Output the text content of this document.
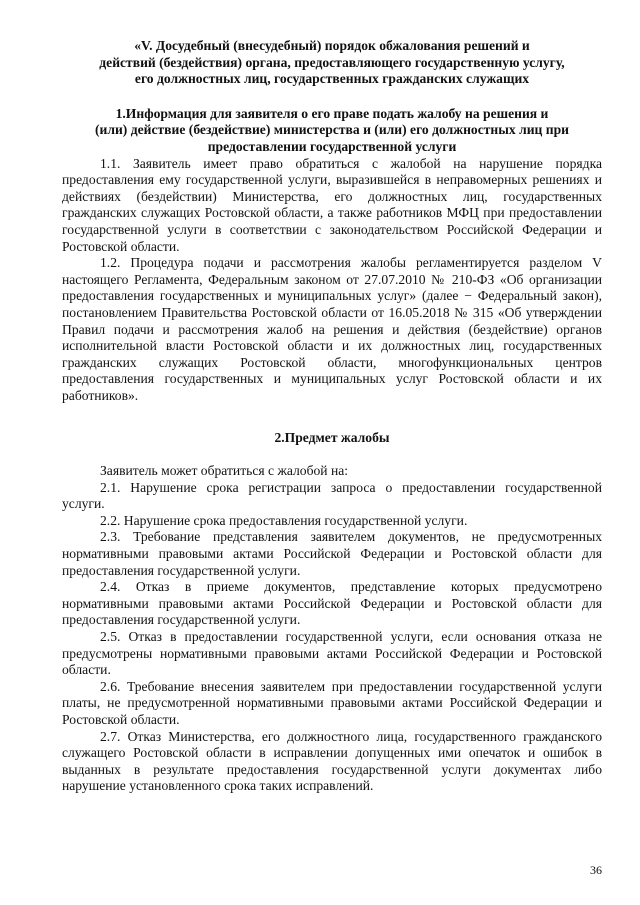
«V. Досудебный (внесудебный) порядок обжалования решений и
действий (бездействия) органа, предоставляющего государственную услугу,
его должностных лиц, государственных гражданских служащих
1.Информация для заявителя о его праве подать жалобу на решения и
(или) действие (бездействие) министерства и (или) его должностных лиц при
предоставлении государственной услуги

1.1. Заявитель имеет право обратиться с жалобой на нарушение порядка предоставления ему государственной услуги, выразившейся в неправомерных решениях и действиях (бездействии) Министерства, его должностных лиц, государственных гражданских служащих Ростовской области, а также работников МФЦ при предоставлении государственной услуги в соответствии с законодательством Российской Федерации и Ростовской области.

1.2. Процедура подачи и рассмотрения жалобы регламентируется разделом V настоящего Регламента, Федеральным законом от 27.07.2010 № 210-ФЗ «Об организации предоставления государственных и муниципальных услуг» (далее − Федеральный закон), постановлением Правительства Ростовской области от 16.05.2018 № 315 «Об утверждении Правил подачи и рассмотрения жалоб на решения и действия (бездействие) органов исполнительной власти Ростовской области и их должностных лиц, государственных гражданских служащих Ростовской области, многофункциональных центров предоставления государственных и муниципальных услуг Ростовской области и их работников».

2.Предмет жалобы

Заявитель может обратиться с жалобой на:

2.1. Нарушение срока регистрации запроса о предоставлении государственной услуги.

2.2. Нарушение срока предоставления государственной услуги.

2.3. Требование представления заявителем документов, не предусмотренных нормативными правовыми актами Российской Федерации и Ростовской области для предоставления государственной услуги.

2.4. Отказ в приеме документов, представление которых предусмотрено нормативными правовыми актами Российской Федерации и Ростовской области для предоставления государственной услуги.

2.5. Отказ в предоставлении государственной услуги, если основания отказа не предусмотрены нормативными правовыми актами Российской Федерации и Ростовской области.

2.6. Требование внесения заявителем при предоставлении государственной услуги платы, не предусмотренной нормативными правовыми актами Российской Федерации и Ростовской области.

2.7. Отказ Министерства, его должностного лица, государственного гражданского служащего Ростовской области в исправлении допущенных ими опечаток и ошибок в выданных в результате предоставления государственной услуги документах либо нарушение установленного срока таких исправлений.

36
